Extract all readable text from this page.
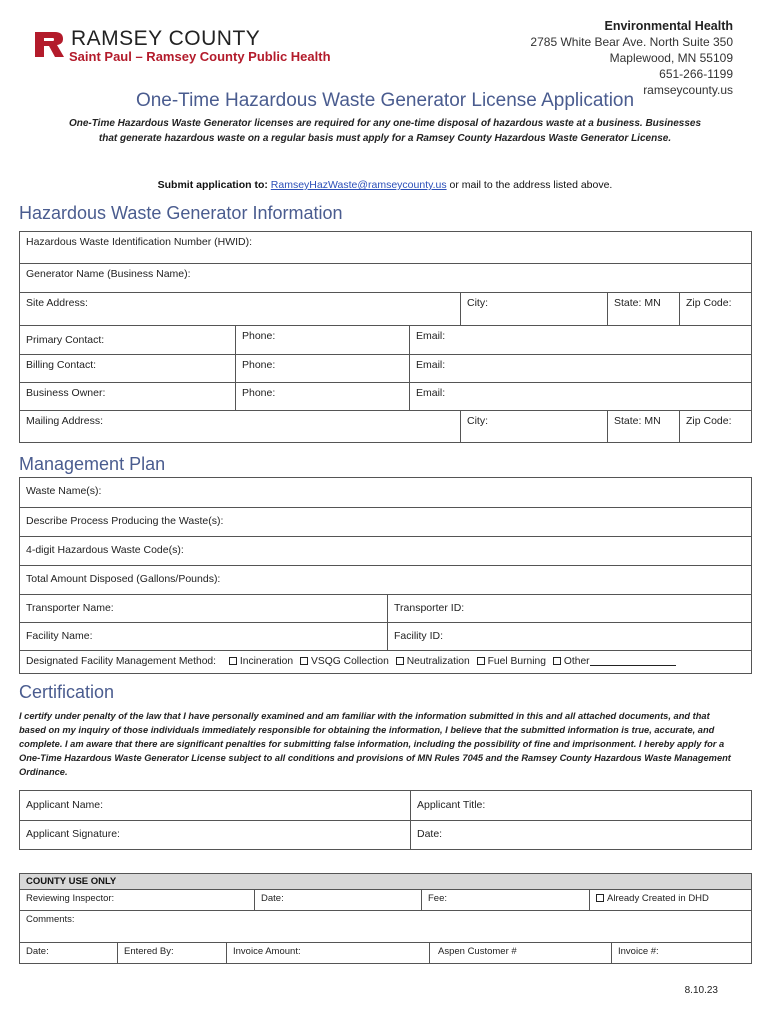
RAMSEY COUNTY
Saint Paul – Ramsey County Public Health
Environmental Health
2785 White Bear Ave. North Suite 350
Maplewood, MN 55109
651-266-1199
ramseycounty.us
One-Time Hazardous Waste Generator License Application
One-Time Hazardous Waste Generator licenses are required for any one-time disposal of hazardous waste at a business. Businesses that generate hazardous waste on a regular basis must apply for a Ramsey County Hazardous Waste Generator License.
Submit application to: RamseyHazWaste@ramseycounty.us or mail to the address listed above.
Hazardous Waste Generator Information
Hazardous Waste Identification Number (HWID):
Generator Name (Business Name):
Site Address:	City:	State: MN	Zip Code:
Primary Contact:	Phone:	Email:
Billing Contact:	Phone:	Email:
Business Owner:	Phone:	Email:
Mailing Address:	City:	State: MN	Zip Code:
Management Plan
Waste Name(s):
Describe Process Producing the Waste(s):
4-digit Hazardous Waste Code(s):
Total Amount Disposed (Gallons/Pounds):
Transporter Name:	Transporter ID:
Facility Name:	Facility ID:
Designated Facility Management Method: Incineration VSQG Collection Neutralization Fuel Burning Other
Certification
I certify under penalty of the law that I have personally examined and am familiar with the information submitted in this and all attached documents, and that based on my inquiry of those individuals immediately responsible for obtaining the information, I believe that the submitted information is true, accurate, and complete. I am aware that there are significant penalties for submitting false information, including the possibility of fine and imprisonment. I hereby apply for a One-Time Hazardous Waste Generator License subject to all conditions and provisions of MN Rules 7045 and the Ramsey County Hazardous Waste Management Ordinance.
Applicant Name:	Applicant Title:
Applicant Signature:	Date:
COUNTY USE ONLY
Reviewing Inspector:	Date:	Fee:	Already Created in DHD
Comments:
Date:	Entered By:	Invoice Amount:	Aspen Customer #	Invoice #:
8.10.23
